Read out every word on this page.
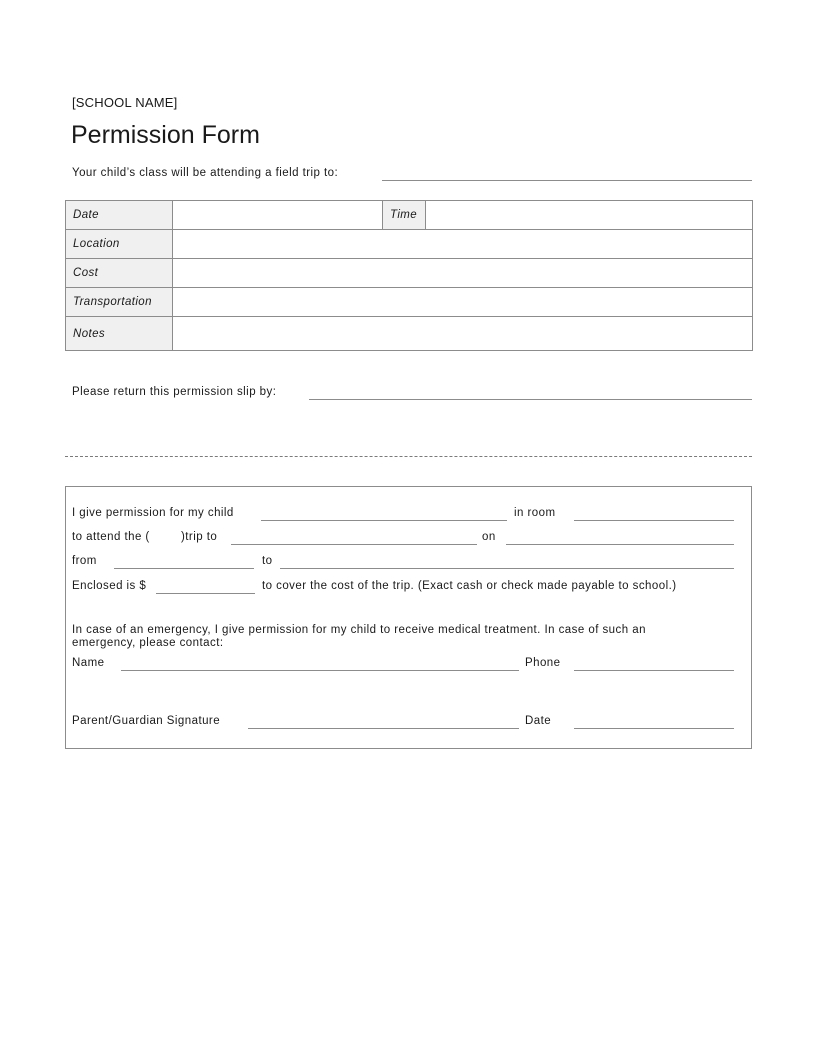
[SCHOOL NAME]
Permission Form
Your child’s class will be attending a field trip to:
Date		Time	
Location			
Cost			
Transportation			
Notes			
Please return this permission slip by:
I give permission for my child	in room
to attend the (	)trip to	on
from	to
Enclosed is $	to cover the cost of the trip. (Exact cash or check made payable to school.)
In case of an emergency, I give permission for my child to receive medical treatment. In case of such an
emergency, please contact:
Name	Phone
Parent/Guardian Signature	Date
